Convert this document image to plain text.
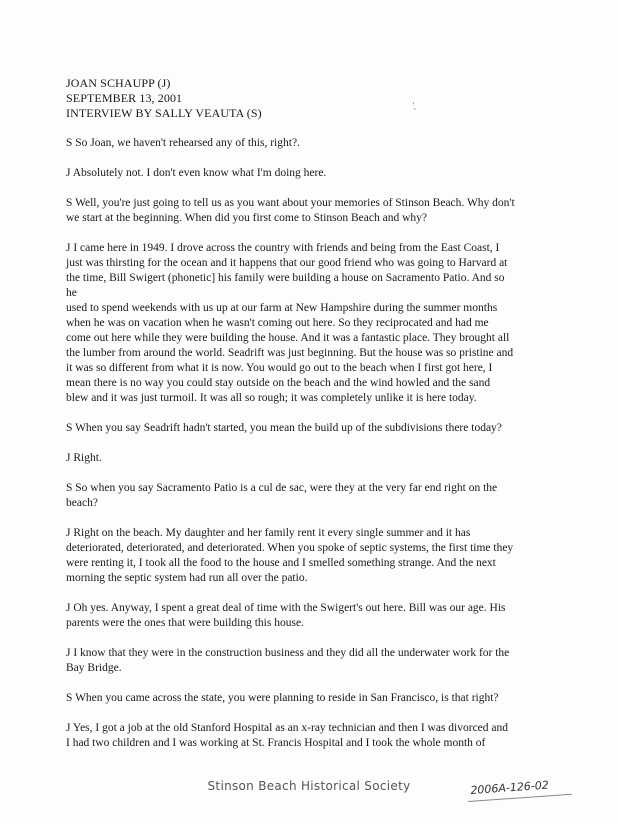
JOAN SCHAUPP (J)
SEPTEMBER 13, 2001
INTERVIEW BY SALLY VEAUTA (S)
’̧
S So Joan, we haven't rehearsed any of this, right?.
J Absolutely not. I don't even know what I'm doing here.
S Well, you're just going to tell us as you want about your memories of Stinson Beach. Why don't
we start at the beginning. When did you first come to Stinson Beach and why?
J I came here in 1949. I drove across the country with friends and being from the East Coast, I
just was thirsting for the ocean and it happens that our good friend who was going to Harvard at
the time, Bill Swigert (phonetic] his family were building a house on Sacramento Patio. And so
he
used to spend weekends with us up at our farm at New Hampshire during the summer months
when he was on vacation when he wasn't coming out here. So they reciprocated and had me
come out here while they were building the house. And it was a fantastic place. They brought all
the lumber from around the world. Seadrift was just beginning. But the house was so pristine and
it was so different from what it is now. You would go out to the beach when I first got here, I
mean there is no way you could stay outside on the beach and the wind howled and the sand
blew and it was just turmoil. It was all so rough; it was completely unlike it is here today.
S When you say Seadrift hadn't started, you mean the build up of the subdivisions there today?
J Right.
S So when you say Sacramento Patio is a cul de sac, were they at the very far end right on the
beach?
J Right on the beach. My daughter and her family rent it every single summer and it has
deteriorated, deteriorated, and deteriorated. When you spoke of septic systems, the first time they
were renting it, I took all the food to the house and I smelled something strange. And the next
morning the septic system had run all over the patio.
J Oh yes. Anyway, I spent a great deal of time with the Swigert's out here. Bill was our age. His
parents were the ones that were building this house.
J I know that they were in the construction business and they did all the underwater work for the
Bay Bridge.
S When you came across the state, you were planning to reside in San Francisco, is that right?
J Yes, I got a job at the old Stanford Hospital as an x-ray technician and then I was divorced and
I had two children and I was working at St. Francis Hospital and I took the whole month of
Stinson Beach Historical Society	2006A-126-02
